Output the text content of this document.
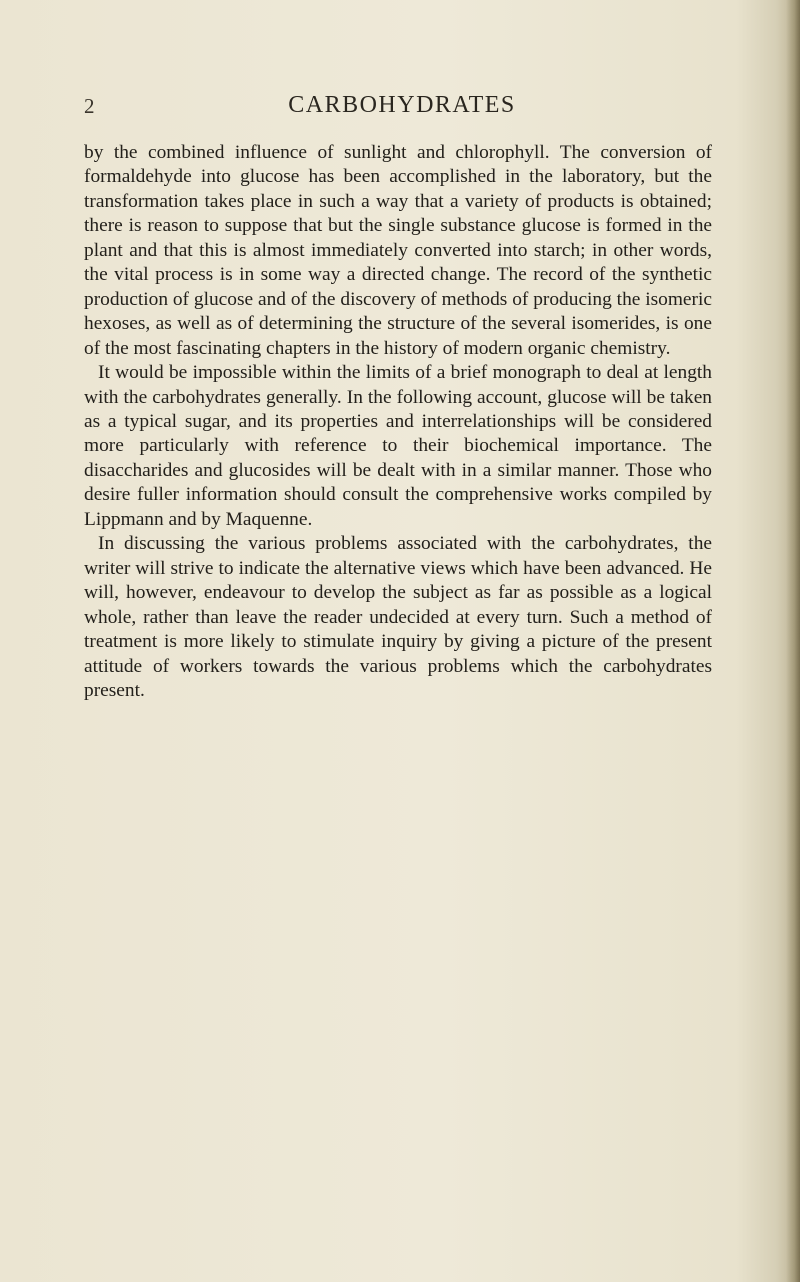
2	CARBOHYDRATES

by the combined influence of sunlight and chlorophyll. The conversion of formaldehyde into glucose has been accomplished in the laboratory, but the transformation takes place in such a way that a variety of products is obtained; there is reason to suppose that but the single substance glucose is formed in the plant and that this is almost immediately converted into starch; in other words, the vital process is in some way a directed change. The record of the synthetic production of glucose and of the discovery of methods of producing the isomeric hexoses, as well as of determining the structure of the several isomerides, is one of the most fascinating chapters in the history of modern organic chemistry.

It would be impossible within the limits of a brief monograph to deal at length with the carbohydrates generally. In the following account, glucose will be taken as a typical sugar, and its properties and interrelationships will be considered more particularly with reference to their biochemical importance. The disaccharides and glucosides will be dealt with in a similar manner. Those who desire fuller information should consult the comprehensive works compiled by Lippmann and by Maquenne.

In discussing the various problems associated with the carbohydrates, the writer will strive to indicate the alternative views which have been advanced. He will, however, endeavour to develop the subject as far as possible as a logical whole, rather than leave the reader undecided at every turn. Such a method of treatment is more likely to stimulate inquiry by giving a picture of the present attitude of workers towards the various problems which the carbohydrates present.
